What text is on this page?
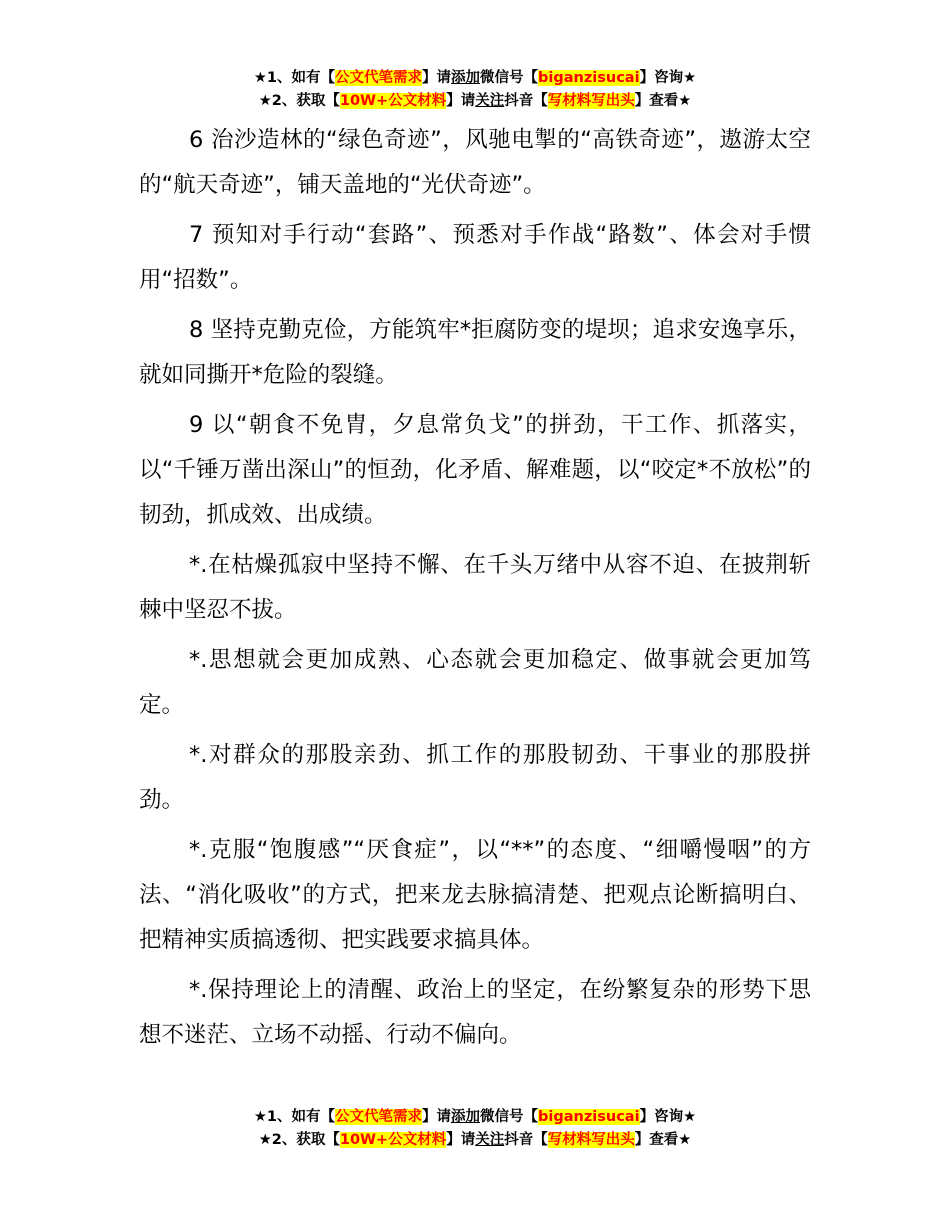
★1、如有【公文代笔需求】请添加微信号【biganzisucai】咨询★
★2、获取【10W+公文材料】请关注抖音【写材料写出头】查看★

6 治沙造林的“绿色奇迹”，风驰电掣的“高铁奇迹”，遨游太空的“航天奇迹”，铺天盖地的“光伏奇迹”。

7 预知对手行动“套路”、预悉对手作战“路数”、体会对手惯用“招数”。

8 坚持克勤克俭，方能筑牢*拒腐防变的堤坝；追求安逸享乐，就如同撕开*危险的裂缝。

9 以“朝食不免胄，夕息常负戈”的拼劲，干工作、抓落实，以“千锤万凿出深山”的恒劲，化矛盾、解难题，以“咬定*不放松”的韧劲，抓成效、出成绩。

*.在枯燥孤寂中坚持不懈、在千头万绪中从容不迫、在披荆斩棘中坚忍不拔。

*.思想就会更加成熟、心态就会更加稳定、做事就会更加笃定。

*.对群众的那股亲劲、抓工作的那股韧劲、干事业的那股拼劲。

*.克服“饱腹感”“厌食症”，以“**”的态度、“细嚼慢咽”的方法、“消化吸收”的方式，把来龙去脉搞清楚、把观点论断搞明白、把精神实质搞透彻、把实践要求搞具体。

*.保持理论上的清醒、政治上的坚定，在纷繁复杂的形势下思想不迷茫、立场不动摇、行动不偏向。

★1、如有【公文代笔需求】请添加微信号【biganzisucai】咨询★
★2、获取【10W+公文材料】请关注抖音【写材料写出头】查看★
